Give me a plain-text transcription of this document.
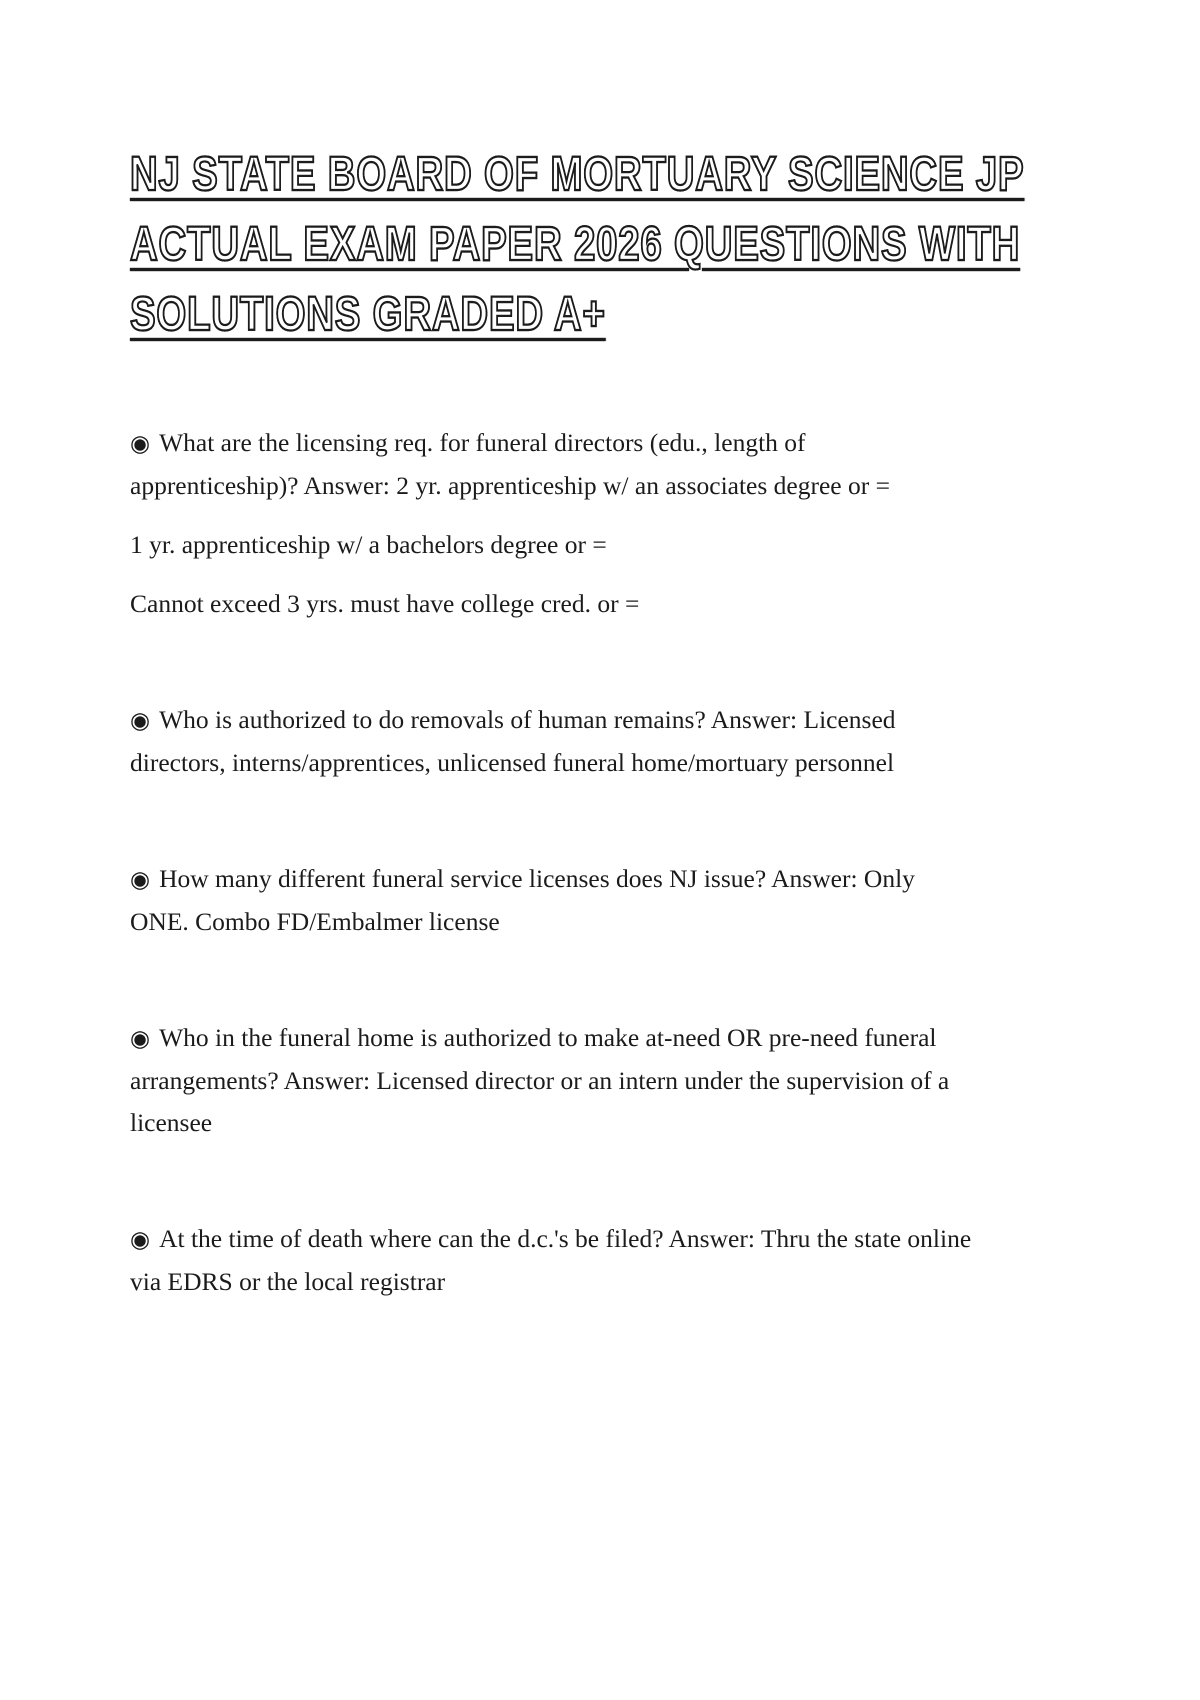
NJ STATE BOARD OF MORTUARY SCIENCE JP
ACTUAL EXAM PAPER 2026 QUESTIONS WITH
SOLUTIONS GRADED A+

◉ What are the licensing req. for funeral directors (edu., length of apprenticeship)? Answer: 2 yr. apprenticeship w/ an associates degree or =

1 yr. apprenticeship w/ a bachelors degree or =

Cannot exceed 3 yrs. must have college cred. or =

◉ Who is authorized to do removals of human remains? Answer: Licensed directors, interns/apprentices, unlicensed funeral home/mortuary personnel

◉ How many different funeral service licenses does NJ issue? Answer: Only ONE. Combo FD/Embalmer license

◉ Who in the funeral home is authorized to make at-need OR pre-need funeral arrangements? Answer: Licensed director or an intern under the supervision of a licensee

◉ At the time of death where can the d.c.'s be filed? Answer: Thru the state online via EDRS or the local registrar
